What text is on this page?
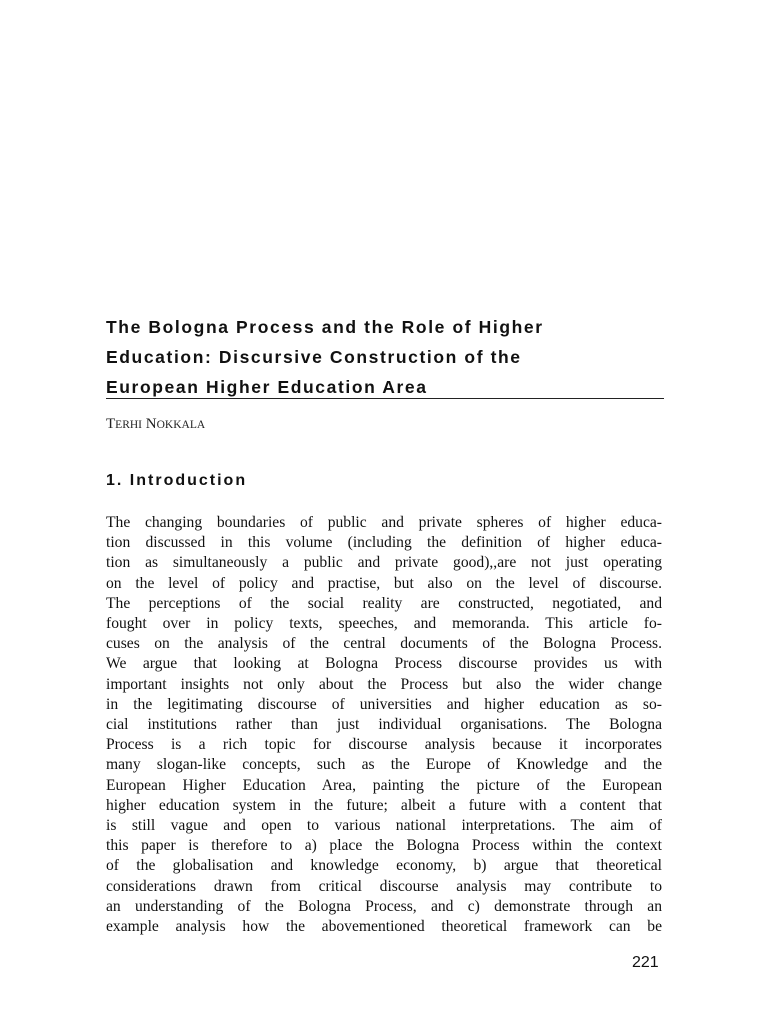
The Bologna Process and the Role of Higher
Education: Discursive Construction of the
European Higher Education Area
TERHI NOKKALA
1. Introduction
The changing boundaries of public and private spheres of higher educa-
tion discussed in this volume (including the definition of higher educa-
tion as simultaneously a public and private good),,are not just operating
on the level of policy and practise, but also on the level of discourse.
The perceptions of the social reality are constructed, negotiated, and
fought over in policy texts, speeches, and memoranda. This article fo-
cuses on the analysis of the central documents of the Bologna Process.
We argue that looking at Bologna Process discourse provides us with
important insights not only about the Process but also the wider change
in the legitimating discourse of universities and higher education as so-
cial institutions rather than just individual organisations. The Bologna
Process is a rich topic for discourse analysis because it incorporates
many slogan-like concepts, such as the Europe of Knowledge and the
European Higher Education Area, painting the picture of the European
higher education system in the future; albeit a future with a content that
is still vague and open to various national interpretations. The aim of
this paper is therefore to a) place the Bologna Process within the context
of the globalisation and knowledge economy, b) argue that theoretical
considerations drawn from critical discourse analysis may contribute to
an understanding of the Bologna Process, and c) demonstrate through an
example analysis how the abovementioned theoretical framework can be
221
